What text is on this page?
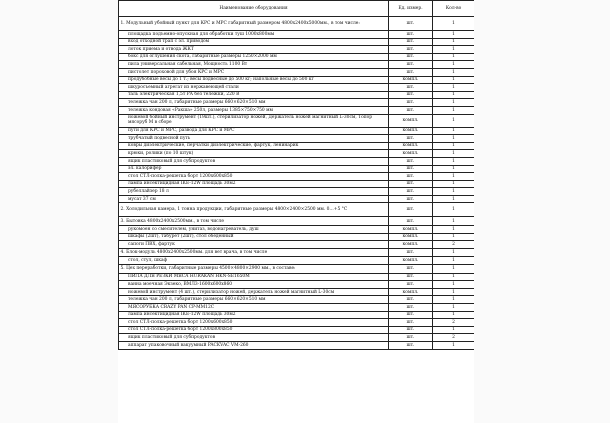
Наименование оборудования	Ед. измер.	Кол-во
1. Модульный убойный пункт для КРС и МРС габаритный размером 4800х2400х5000мм., в том числе:	шт.	1
площадка подъемно-опускная для обработки туш 1000х800мм	шт.	1
вход отходной трап с эл. приводом	шт.	1
лоток приема и отвода ЖКТ	шт.	1
бокс для оглушения скота, габаритные размеры 1250×2000 мм	шт.	1
пила универсальная сабельная, Мощность 1100 Вт	шт.	1
пистолет пороховой для убоя КРС и МРС	шт.	1
продубобные весы до 1 т.; весы подвесные до 500 кг; напольные весы до 500 кг	компл.	1
шкуросъемный агрегат из нержавеющей стали	шт.	1
таль электрическая 1,5т РА без тележки, 220 В	шт.	1
тележка чан 200 л, габаритные размеры 660×620×510 мм	шт.	1
тележка кондовая «Ракша» 250л, размеры 1385×750×750 мм	шт.	1
ножевой бойный инструмент (19шт.), стерилизатор ножей, Держатель ножей магнитный L-30см, Топор мясоруб М в сборе	компл.	1
пути для КРС и МРС, развода для КРС и МРС	компл.	1
трубчатый подвесной путь	шт.	1
ковры диэлектрические, перчатки диэлектрические, фартук, ленинарик	компл.	1
крюки, ролики (по 10 штук)	компл.	1
ящик пластиковый для субпродуктов	шт.	1
эл. калорифер	шт.	1
стол СТЛ-полка-решетка борт 1200х600х850	шт.	1
лампа инсектицидная IKE-12W площадь 30м2	шт.	1
рубеллайзер 18 л	шт.	1
мусат 37 см	шт.	1
2. Холодильная камера, 1 тонна продукции, габаритные размеры 4800×2400×2500 мм. 0…+5 °С	шт.	1
3. Бытовка 4800х2400х2500мм., в том числе	шт.	1
рукомоен со смесителем, унитаз, водонагреватель, душ	компл.	1
шкафы (2шт), табурет (2шт), стол обеденный	компл.	1
сапоги ПВХ, фартук	компл.	2
4. Блок-модуль 4800х2400х2500мм. для вет врача, в том числе	шт.	1
стол, стул, шкаф	компл.	1
5. Цех переработки, габаритные размеры 4500×4800×2900 мм., в составе:	шт.	1
ПИЛА ДЛЯ РЕЗКИ МЯСА HURAKAN HKN-SE1650M	шт.	1
ванна моечная Экзеко, ВМЛ3-1600х600х860	шт.	1
ножевой инструмент (4 шт.), стерилизатор ножей, держатель ножей магнитный L-30см	компл.	1
тележка чан 200 л, габаритные размеры 660×620×510 мм	шт.	1
МЯСОРУБКА CRAZY PAN CP-MM12C	шт.	1
лампа инсектицидная IKE-12W площадь 30м2	шт.	1
стол СТЛ-полка-решетка борт 1200х600х850	шт.	2
стол СТЛ-полка-решетка борт 1200х800х850	шт.	1
ящик пластиковый для субпродуктов	шт.	2
аппарат упаковочный вакуумный PACKVAC VM-260	шт.	1
